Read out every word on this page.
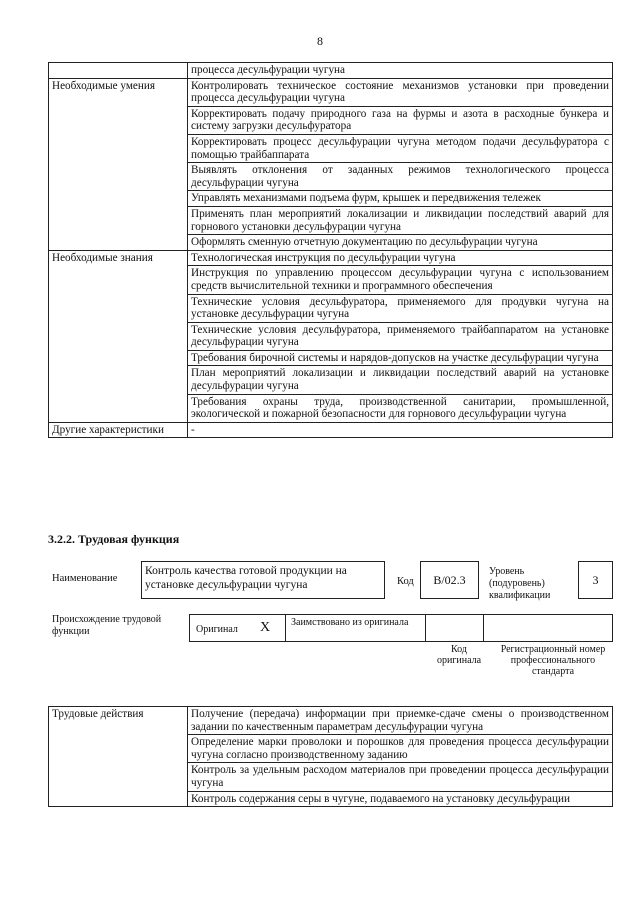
8
	процесса десульфурации чугуна
Необходимые умения	Контролировать техническое состояние механизмов установки при проведении процесса десульфурации чугуна
	Корректировать подачу природного газа на фурмы и азота в расходные бункера и систему загрузки десульфуратора
	Корректировать процесс десульфурации чугуна методом подачи десульфуратора с помощью трайбаппарата
	Выявлять отклонения от заданных режимов технологического процесса десульфурации чугуна
	Управлять механизмами подъема фурм, крышек и передвижения тележек
	Применять план мероприятий локализации и ликвидации последствий аварий для горнового установки десульфурации чугуна
	Оформлять сменную отчетную документацию по десульфурации чугуна
Необходимые знания	Технологическая инструкция по десульфурации чугуна
	Инструкция по управлению процессом десульфурации чугуна с использованием средств вычислительной техники и программного обеспечения
	Технические условия десульфуратора, применяемого для продувки чугуна на установке десульфурации чугуна
	Технические условия десульфуратора, применяемого трайбаппаратом на установке десульфурации чугуна
	Требования бирочной системы и нарядов-допусков на участке десульфурации чугуна
	План мероприятий локализации и ликвидации последствий аварий на установке десульфурации чугуна
	Требования охраны труда, производственной санитарии, промышленной, экологической и пожарной безопасности для горнового десульфурации чугуна
Другие характеристики	-
3.2.2. Трудовая функция
Наименование
Контроль качества готовой продукции на установке десульфурации чугуна	Код	B/02.3
Уровень (подуровень) квалификации
3
Происхождение трудовой функции	Оригинал X Заимствовано из оригинала
Код оригинала
Регистрационный номер профессионального стандарта
Трудовые действия	Получение (передача) информации при приемке-сдаче смены о производственном задании по качественным параметрам десульфурации чугуна
Определение марки проволоки и порошков для проведения процесса десульфурации чугуна согласно производственному заданию
Контроль за удельным расходом материалов при проведении процесса десульфурации чугуна
Контроль содержания серы в чугуне, подаваемого на установку десульфурации
